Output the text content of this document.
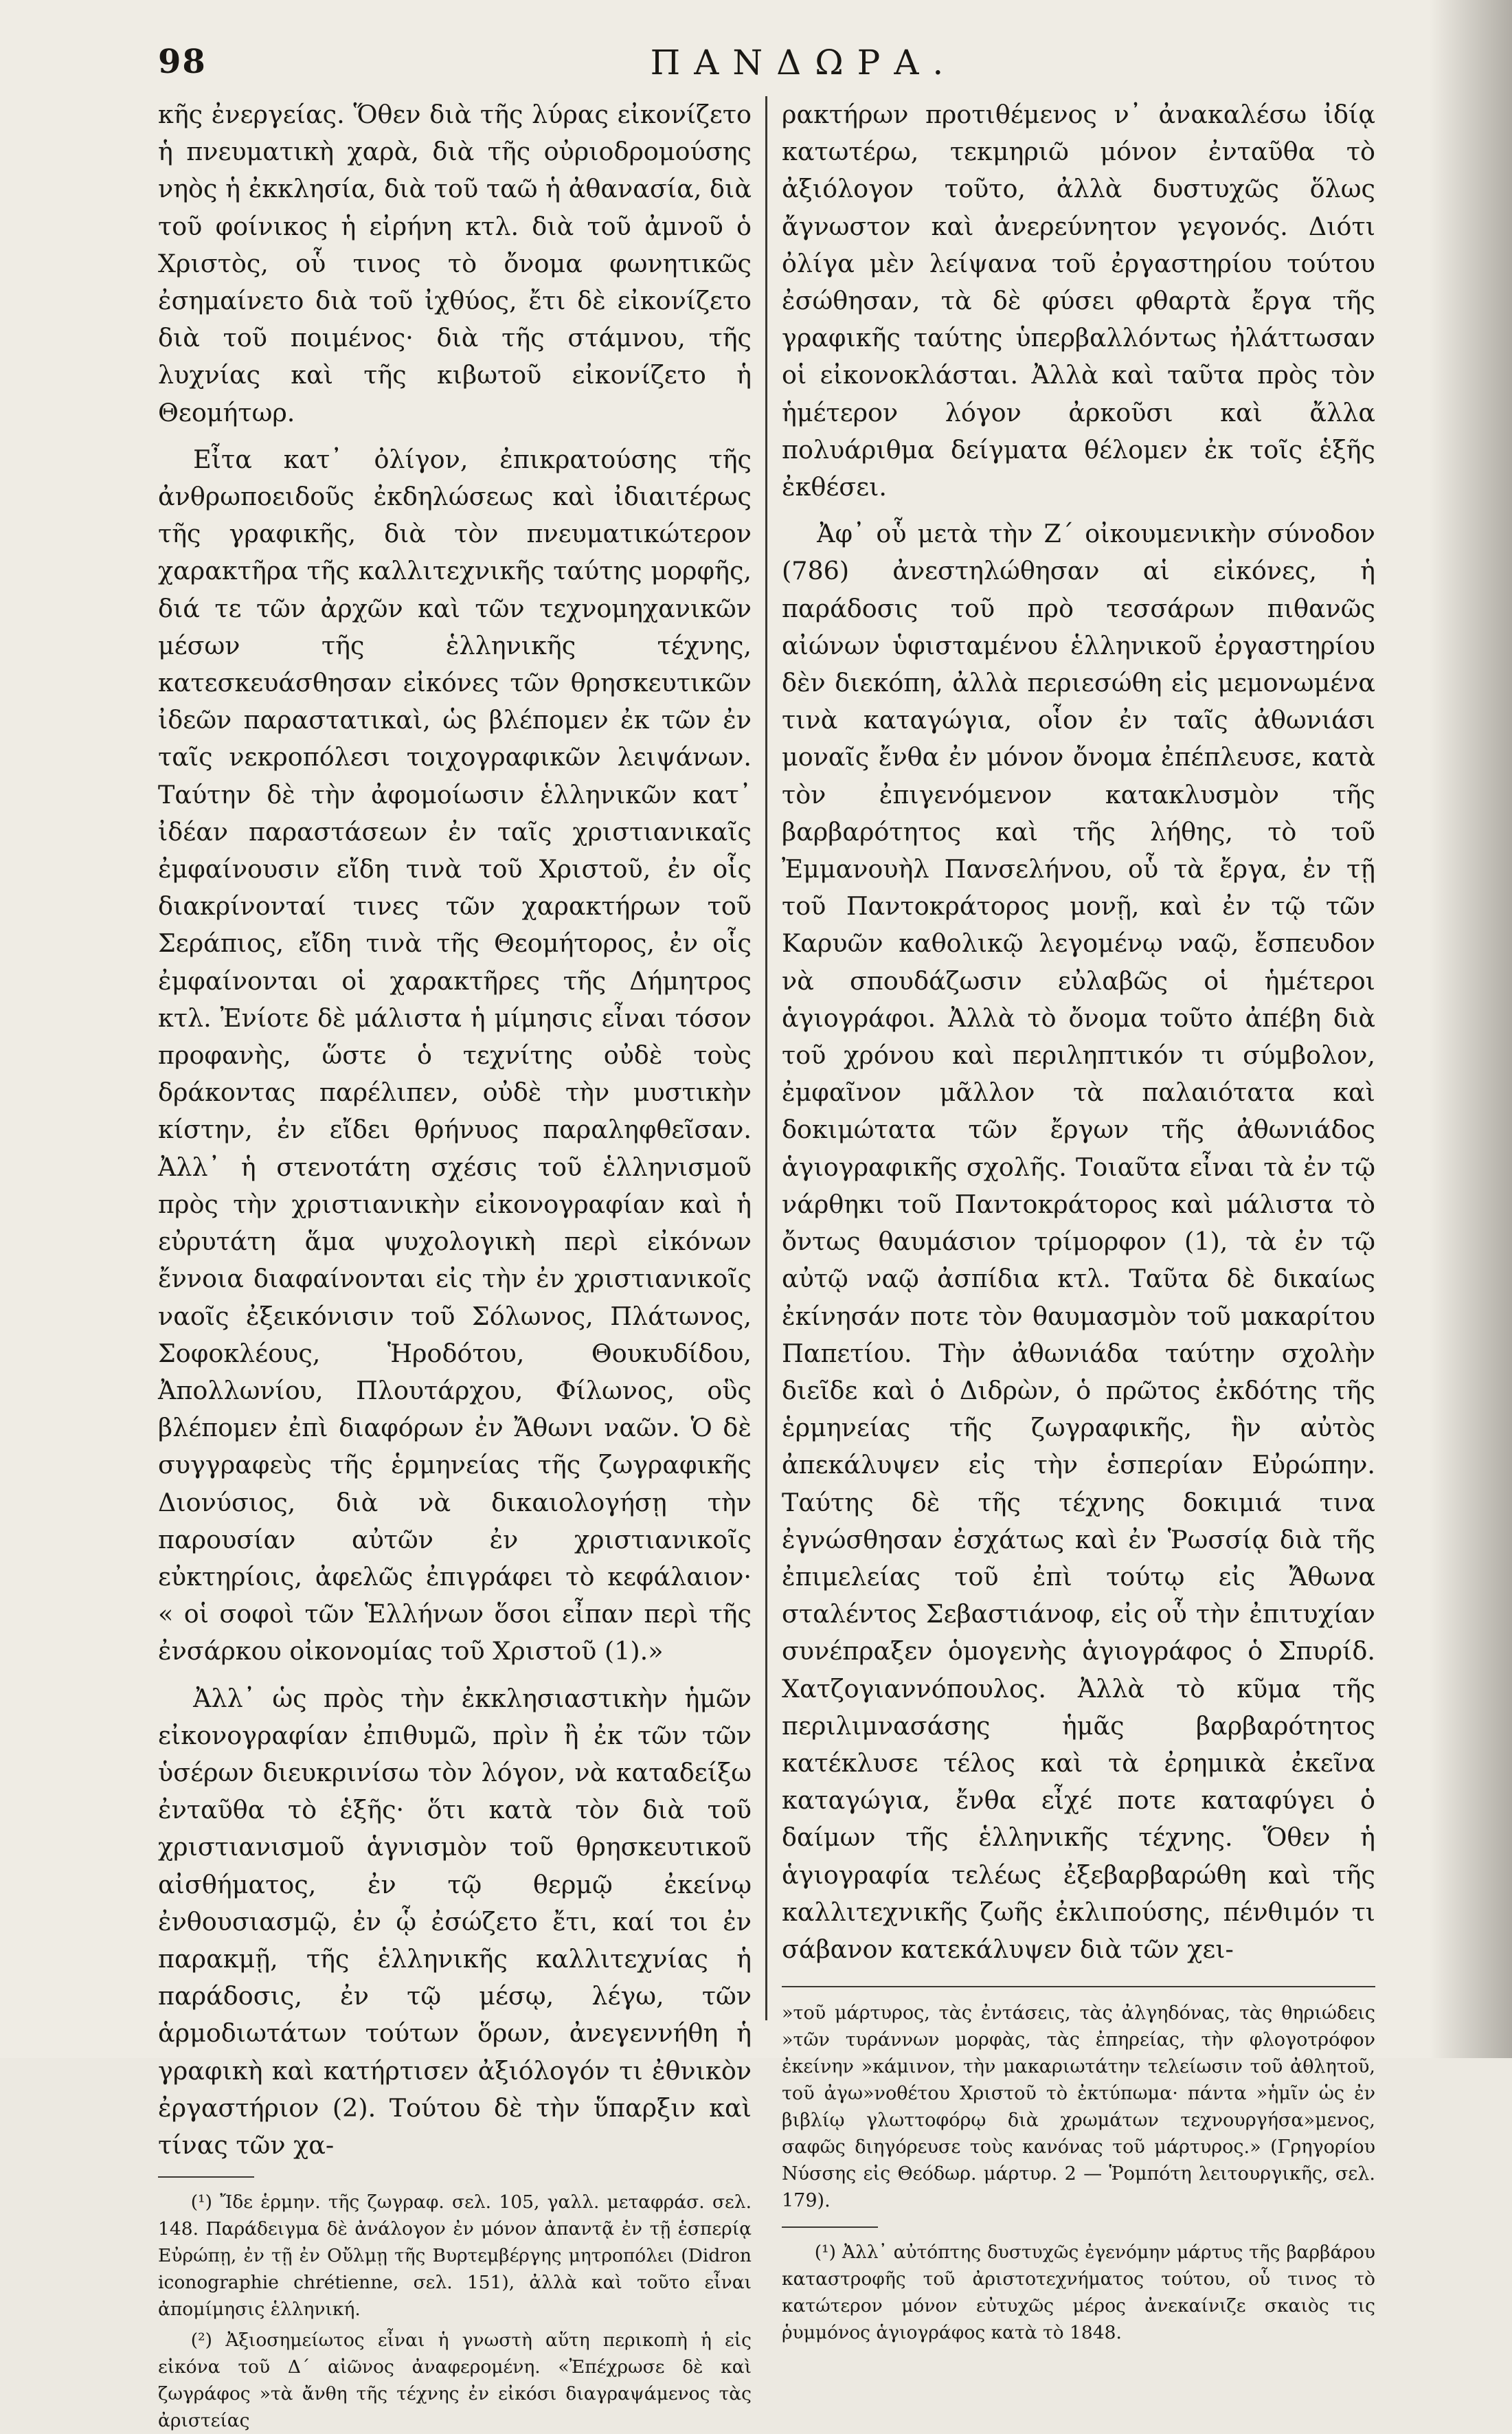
98	ΠΑΝΔΩΡΑ.

κῆς ἐνεργείας. Ὅθεν διὰ τῆς λύρας εἰκονίζετο ἡ πνευματικὴ χαρὰ, διὰ τῆς οὐριοδρομούσης νηὸς ἡ ἐκκλησία, διὰ τοῦ ταῶ ἡ ἀθανασία, διὰ τοῦ φοίνικος ἡ εἰρήνη κτλ. διὰ τοῦ ἀμνοῦ ὁ Χριστὸς, οὗ τινος τὸ ὄνομα φωνητικῶς ἐσημαίνετο διὰ τοῦ ἰχθύος, ἔτι δὲ εἰκονίζετο διὰ τοῦ ποιμένος· διὰ τῆς στάμνου, τῆς λυχνίας καὶ τῆς κιβωτοῦ εἰκονίζετο ἡ Θεομήτωρ.

Εἶτα κατ᾽ ὀλίγον, ἐπικρατούσης τῆς ἀνθρωποειδοῦς ἐκδηλώσεως καὶ ἰδιαιτέρως τῆς γραφικῆς, διὰ τὸν πνευματικώτερον χαρακτῆρα τῆς καλλιτεχνικῆς ταύτης μορφῆς, διά τε τῶν ἀρχῶν καὶ τῶν τεχνομηχανικῶν μέσων τῆς ἑλληνικῆς τέχνης, κατεσκευάσθησαν εἰκόνες τῶν θρησκευτικῶν ἰδεῶν παραστατικαὶ, ὡς βλέπομεν ἐκ τῶν ἐν ταῖς νεκροπόλεσι τοιχογραφικῶν λειψάνων. Ταύτην δὲ τὴν ἀφομοίωσιν ἑλληνικῶν κατ᾽ ἰδέαν παραστάσεων ἐν ταῖς χριστιανικαῖς ἐμφαίνουσιν εἴδη τινὰ τοῦ Χριστοῦ, ἐν οἷς διακρίνονταί τινες τῶν χαρακτήρων τοῦ Σεράπιος, εἴδη τινὰ τῆς Θεομήτορος, ἐν οἷς ἐμφαίνονται οἱ χαρακτῆρες τῆς Δήμητρος κτλ. Ἐνίοτε δὲ μάλιστα ἡ μίμησις εἶναι τόσον προφανὴς, ὥστε ὁ τεχνίτης οὐδὲ τοὺς δράκοντας παρέλιπεν, οὐδὲ τὴν μυστικὴν κίστην, ἐν εἴδει θρήνυος παραληφθεῖσαν. Ἀλλ᾽ ἡ στενοτάτη σχέσις τοῦ ἑλληνισμοῦ πρὸς τὴν χριστιανικὴν εἰκονογραφίαν καὶ ἡ εὐρυτάτη ἅμα ψυχολογικὴ περὶ εἰκόνων ἔννοια διαφαίνονται εἰς τὴν ἐν χριστιανικοῖς ναοῖς ἐξεικόνισιν τοῦ Σόλωνος, Πλάτωνος, Σοφοκλέους, Ἡροδότου, Θουκυδίδου, Ἀπολλωνίου, Πλουτάρχου, Φίλωνος, οὓς βλέπομεν ἐπὶ διαφόρων ἐν Ἄθωνι ναῶν. Ὁ δὲ συγγραφεὺς τῆς ἑρμηνείας τῆς ζωγραφικῆς Διονύσιος, διὰ νὰ δικαιολογήσῃ τὴν παρουσίαν αὐτῶν ἐν χριστιανικοῖς εὐκτηρίοις, ἀφελῶς ἐπιγράφει τὸ κεφάλαιον· « οἱ σοφοὶ τῶν Ἑλλήνων ὅσοι εἶπαν περὶ τῆς ἐνσάρκου οἰκονομίας τοῦ Χριστοῦ (1).»

Ἀλλ᾽ ὡς πρὸς τὴν ἐκκλησιαστικὴν ἡμῶν εἰκονογραφίαν ἐπιθυμῶ, πρὶν ἢ ἐκ τῶν τῶν ὑσέρων διευκρινίσω τὸν λόγον, νὰ καταδείξω ἐνταῦθα τὸ ἑξῆς· ὅτι κατὰ τὸν διὰ τοῦ χριστιανισμοῦ ἁγνισμὸν τοῦ θρησκευτικοῦ αἰσθήματος, ἐν τῷ θερμῷ ἐκείνῳ ἐνθουσιασμῷ, ἐν ᾧ ἐσώζετο ἔτι, καί τοι ἐν παρακμῇ, τῆς ἑλληνικῆς καλλιτεχνίας ἡ παράδοσις, ἐν τῷ μέσῳ, λέγω, τῶν ἁρμοδιωτάτων τούτων ὅρων, ἀνεγεννήθη ἡ γραφικὴ καὶ κατήρτισεν ἀξιόλογόν τι ἐθνικὸν ἐργαστήριον (2). Τούτου δὲ τὴν ὕπαρξιν καὶ τίνας τῶν χα-

(¹) Ἴδε ἑρμην. τῆς ζωγραφ. σελ. 105, γαλλ. μεταφράσ. σελ. 148. Παράδειγμα δὲ ἀνάλογον ἐν μόνον ἀπαντᾷ ἐν τῇ ἑσπερίᾳ Εὐρώπῃ, ἐν τῇ ἐν Οὔλμῃ τῆς Βυρτεμβέργης μητροπόλει (Didron iconographie chrétienne, σελ. 151), ἀλλὰ καὶ τοῦτο εἶναι ἀπομίμησις ἑλληνική.

(²) Ἀξιοσημείωτος εἶναι ἡ γνωστὴ αὕτη περικοπὴ ἡ εἰς εἰκόνα τοῦ Δ´ αἰῶνος ἀναφερομένη. «Ἐπέχρωσε δὲ καὶ ζωγράφος »τὰ ἄνθη τῆς τέχνης ἐν εἰκόσι διαγραψάμενος τὰς ἀριστείας

ρακτήρων προτιθέμενος ν᾽ ἀνακαλέσω ἰδίᾳ κατωτέρω, τεκμηριῶ μόνον ἐνταῦθα τὸ ἀξιόλογον τοῦτο, ἀλλὰ δυστυχῶς ὅλως ἄγνωστον καὶ ἀνερεύνητον γεγονός. Διότι ὀλίγα μὲν λείψανα τοῦ ἐργαστηρίου τούτου ἐσώθησαν, τὰ δὲ φύσει φθαρτὰ ἔργα τῆς γραφικῆς ταύτης ὑπερβαλλόντως ἠλάττωσαν οἱ εἰκονοκλάσται. Ἀλλὰ καὶ ταῦτα πρὸς τὸν ἡμέτερον λόγον ἀρκοῦσι καὶ ἄλλα πολυάριθμα δείγματα θέλομεν ἐκ τοῖς ἑξῆς ἐκθέσει.

Ἀφ᾽ οὗ μετὰ τὴν Ζ´ οἰκουμενικὴν σύνοδον (786) ἀνεστηλώθησαν αἱ εἰκόνες, ἡ παράδοσις τοῦ πρὸ τεσσάρων πιθανῶς αἰώνων ὑφισταμένου ἑλληνικοῦ ἐργαστηρίου δὲν διεκόπη, ἀλλὰ περιεσώθη εἰς μεμονωμένα τινὰ καταγώγια, οἷον ἐν ταῖς ἀθωνιάσι μοναῖς ἔνθα ἐν μόνον ὄνομα ἐπέπλευσε, κατὰ τὸν ἐπιγενόμενον κατακλυσμὸν τῆς βαρβαρότητος καὶ τῆς λήθης, τὸ τοῦ Ἐμμανουὴλ Πανσελήνου, οὗ τὰ ἔργα, ἐν τῇ τοῦ Παντοκράτορος μονῇ, καὶ ἐν τῷ τῶν Καρυῶν καθολικῷ λεγομένῳ ναῷ, ἔσπευδον νὰ σπουδάζωσιν εὐλαβῶς οἱ ἡμέτεροι ἁγιογράφοι. Ἀλλὰ τὸ ὄνομα τοῦτο ἀπέβη διὰ τοῦ χρόνου καὶ περιληπτικόν τι σύμβολον, ἐμφαῖνον μᾶλλον τὰ παλαιότατα καὶ δοκιμώτατα τῶν ἔργων τῆς ἀθωνιάδος ἁγιογραφικῆς σχολῆς. Τοιαῦτα εἶναι τὰ ἐν τῷ νάρθηκι τοῦ Παντοκράτορος καὶ μάλιστα τὸ ὄντως θαυμάσιον τρίμορφον (1), τὰ ἐν τῷ αὐτῷ ναῷ ἀσπίδια κτλ. Ταῦτα δὲ δικαίως ἐκίνησάν ποτε τὸν θαυμασμὸν τοῦ μακαρίτου Παπετίου. Τὴν ἀθωνιάδα ταύτην σχολὴν διεῖδε καὶ ὁ Διδρὼν, ὁ πρῶτος ἐκδότης τῆς ἑρμηνείας τῆς ζωγραφικῆς, ἣν αὐτὸς ἀπεκάλυψεν εἰς τὴν ἑσπερίαν Εὐρώπην. Ταύτης δὲ τῆς τέχνης δοκιμιά τινα ἐγνώσθησαν ἐσχάτως καὶ ἐν Ῥωσσίᾳ διὰ τῆς ἐπιμελείας τοῦ ἐπὶ τούτῳ εἰς Ἄθωνα σταλέντος Σεβαστιάνοφ, εἰς οὗ τὴν ἐπιτυχίαν συνέπραξεν ὁμογενὴς ἁγιογράφος ὁ Σπυρίδ. Χατζογιαννόπουλος. Ἀλλὰ τὸ κῦμα τῆς περιλιμνασάσης ἡμᾶς βαρβαρότητος κατέκλυσε τέλος καὶ τὰ ἐρημικὰ ἐκεῖνα καταγώγια, ἔνθα εἶχέ ποτε καταφύγει ὁ δαίμων τῆς ἑλληνικῆς τέχνης. Ὅθεν ἡ ἁγιογραφία τελέως ἐξεβαρβαρώθη καὶ τῆς καλλιτεχνικῆς ζωῆς ἐκλιπούσης, πένθιμόν τι σάβανον κατεκάλυψεν διὰ τῶν χει-

»τοῦ μάρτυρος, τὰς ἐντάσεις, τὰς ἀλγηδόνας, τὰς θηριώδεις »τῶν τυράννων μορφὰς, τὰς ἐπηρείας, τὴν φλογοτρόφον ἐκείνην »κάμινον, τὴν μακαριωτάτην τελείωσιν τοῦ ἀθλητοῦ, τοῦ ἀγω»νοθέτου Χριστοῦ τὸ ἐκτύπωμα· πάντα »ἡμῖν ὡς ἐν βιβλίῳ γλωττοφόρῳ διὰ χρωμάτων τεχνουργήσα»μενος, σαφῶς διηγόρευσε τοὺς κανόνας τοῦ μάρτυρος.» (Γρηγορίου Νύσσης εἰς Θεόδωρ. μάρτυρ. 2 — Ῥομπότη λειτουργικῆς, σελ. 179).

(¹) Ἀλλ᾽ αὐτόπτης δυστυχῶς ἐγενόμην μάρτυς τῆς βαρβάρου καταστροφῆς τοῦ ἀριστοτεχνήματος τούτου, οὗ τινος τὸ κατώτερον μόνον εὐτυχῶς μέρος ἀνεκαίνιζε σκαιὸς τις ῥυμμόνος ἁγιογράφος κατὰ τὸ 1848.
